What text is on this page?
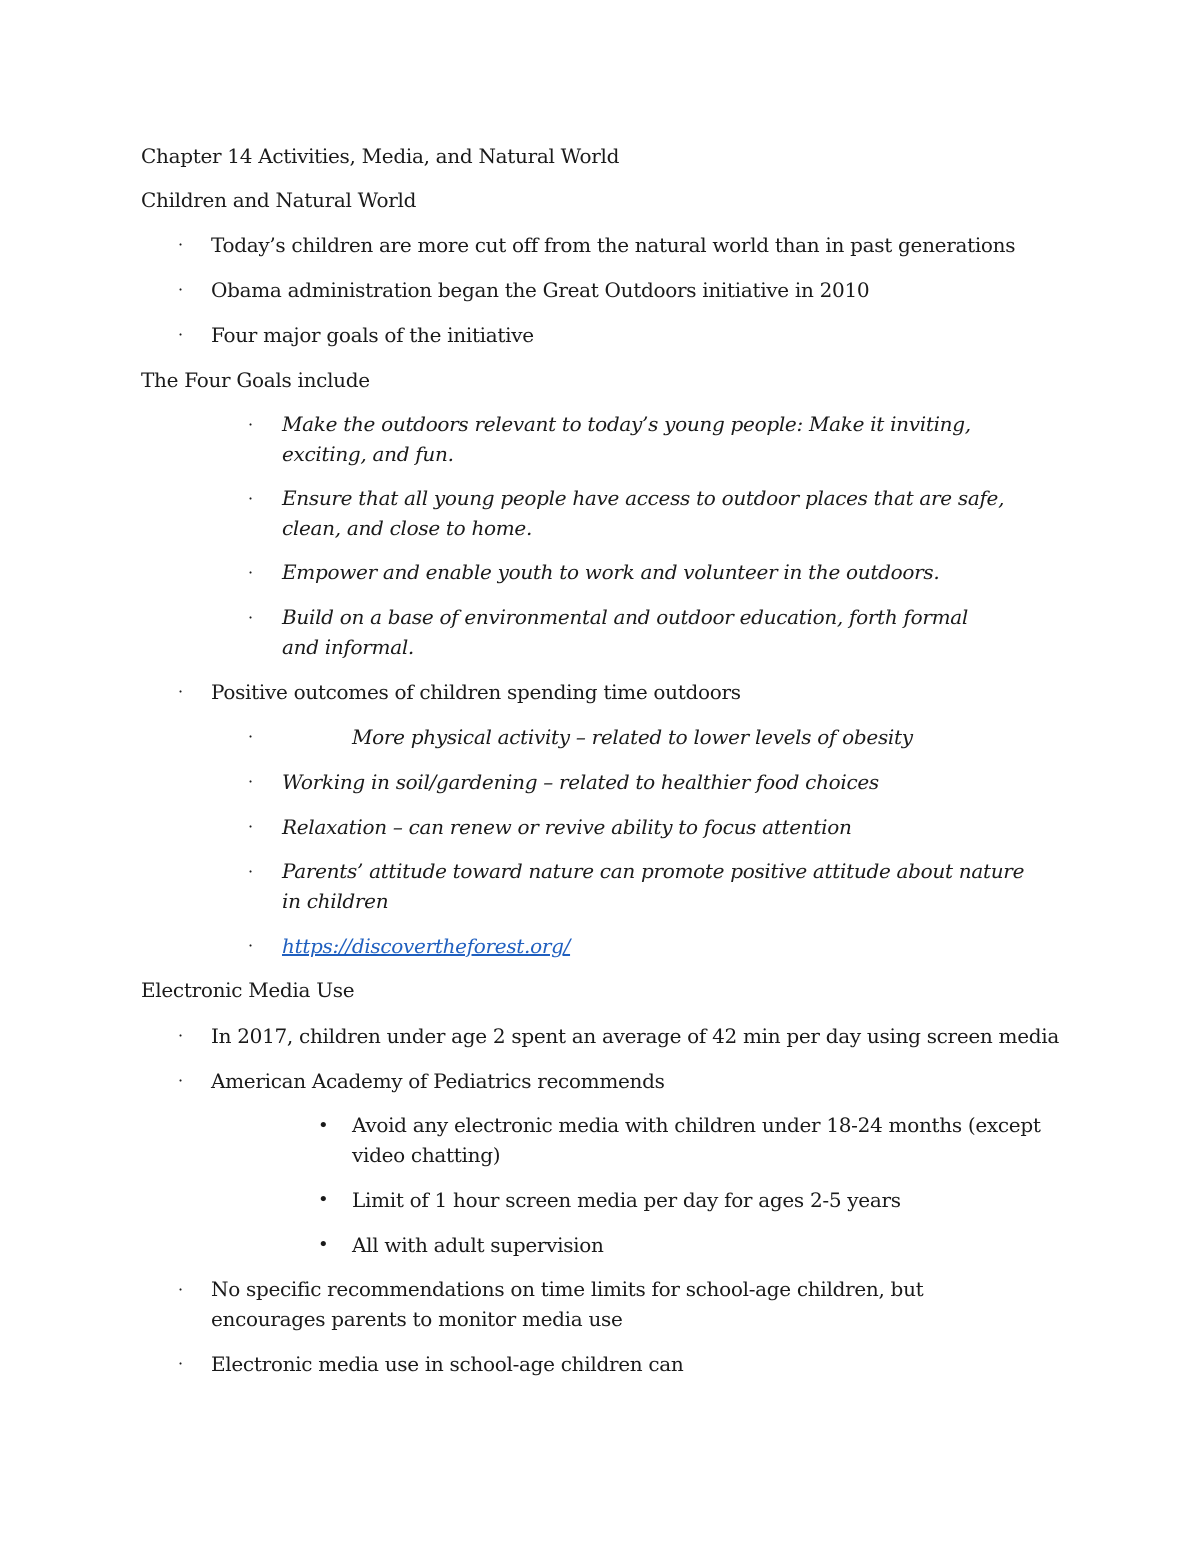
Chapter 14 Activities, Media, and Natural World
Children and Natural World
· Today’s children are more cut off from the natural world than in past generations
· Obama administration began the Great Outdoors initiative in 2010
· Four major goals of the initiative
The Four Goals include
· Make the outdoors relevant to today’s young people: Make it inviting, exciting, and fun.
· Ensure that all young people have access to outdoor places that are safe, clean, and close to home.
· Empower and enable youth to work and volunteer in the outdoors.
· Build on a base of environmental and outdoor education, forth formal and informal.
· Positive outcomes of children spending time outdoors
·	More physical activity – related to lower levels of obesity
· Working in soil/gardening – related to healthier food choices
· Relaxation – can renew or revive ability to focus attention
· Parents’ attitude toward nature can promote positive attitude about nature in children
· https://discovertheforest.org/
Electronic Media Use
· In 2017, children under age 2 spent an average of 42 min per day using screen media
· American Academy of Pediatrics recommends
• Avoid any electronic media with children under 18-24 months (except video chatting)
• Limit of 1 hour screen media per day for ages 2-5 years
• All with adult supervision
· No specific recommendations on time limits for school-age children, but encourages parents to monitor media use
· Electronic media use in school-age children can
